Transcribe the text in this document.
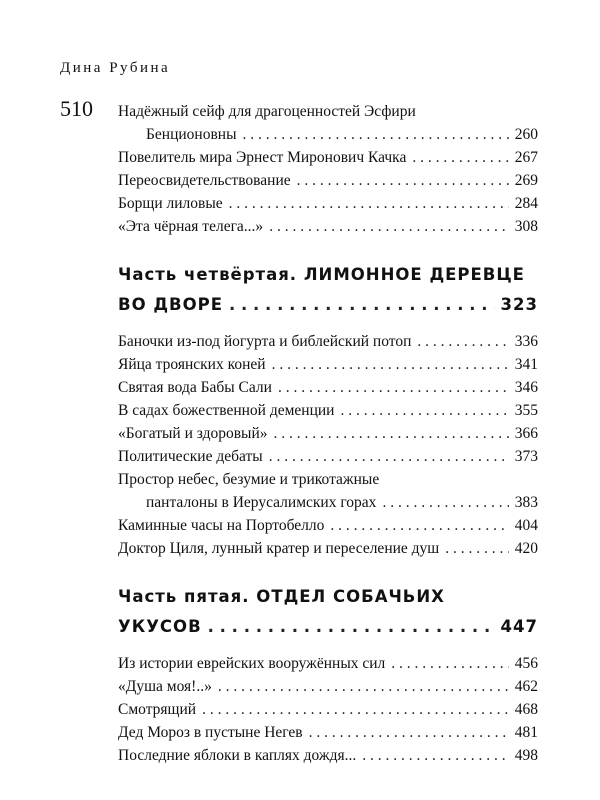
Дина Рубина
510 Надёжный сейф для драгоценностей Эсфири
Бенционовны . . .	260
Повелитель мира Эрнест Миронович Качка . . .	267
Переосвидетельствование . . .	269
Борщи лиловые . . .	284
«Эта чёрная телега...» . . .	308
Часть четвёртая. ЛИМОННОЕ ДЕРЕВЦЕ
ВО ДВОРЕ . . .	323
Баночки из-под йогурта и библейский потоп . . .	336
Яйца троянских коней . . .	341
Святая вода Бабы Сали . . .	346
В садах божественной деменции . . .	355
«Богатый и здоровый» . . .	366
Политические дебаты . . .	373
Простор небес, безумие и трикотажные
панталоны в Иерусалимских горах . . .	383
Каминные часы на Портобелло . . .	404
Доктор Циля, лунный кратер и переселение душ . . .	420
Часть пятая. ОТДЕЛ СОБАЧЬИХ
УКУСОВ . . .	447
Из истории еврейских вооружённых сил . . .	456
«Душа моя!..» . . .	462
Смотрящий . . .	468
Дед Мороз в пустыне Негев . . .	481
Последние яблоки в каплях дождя... . . .	498
